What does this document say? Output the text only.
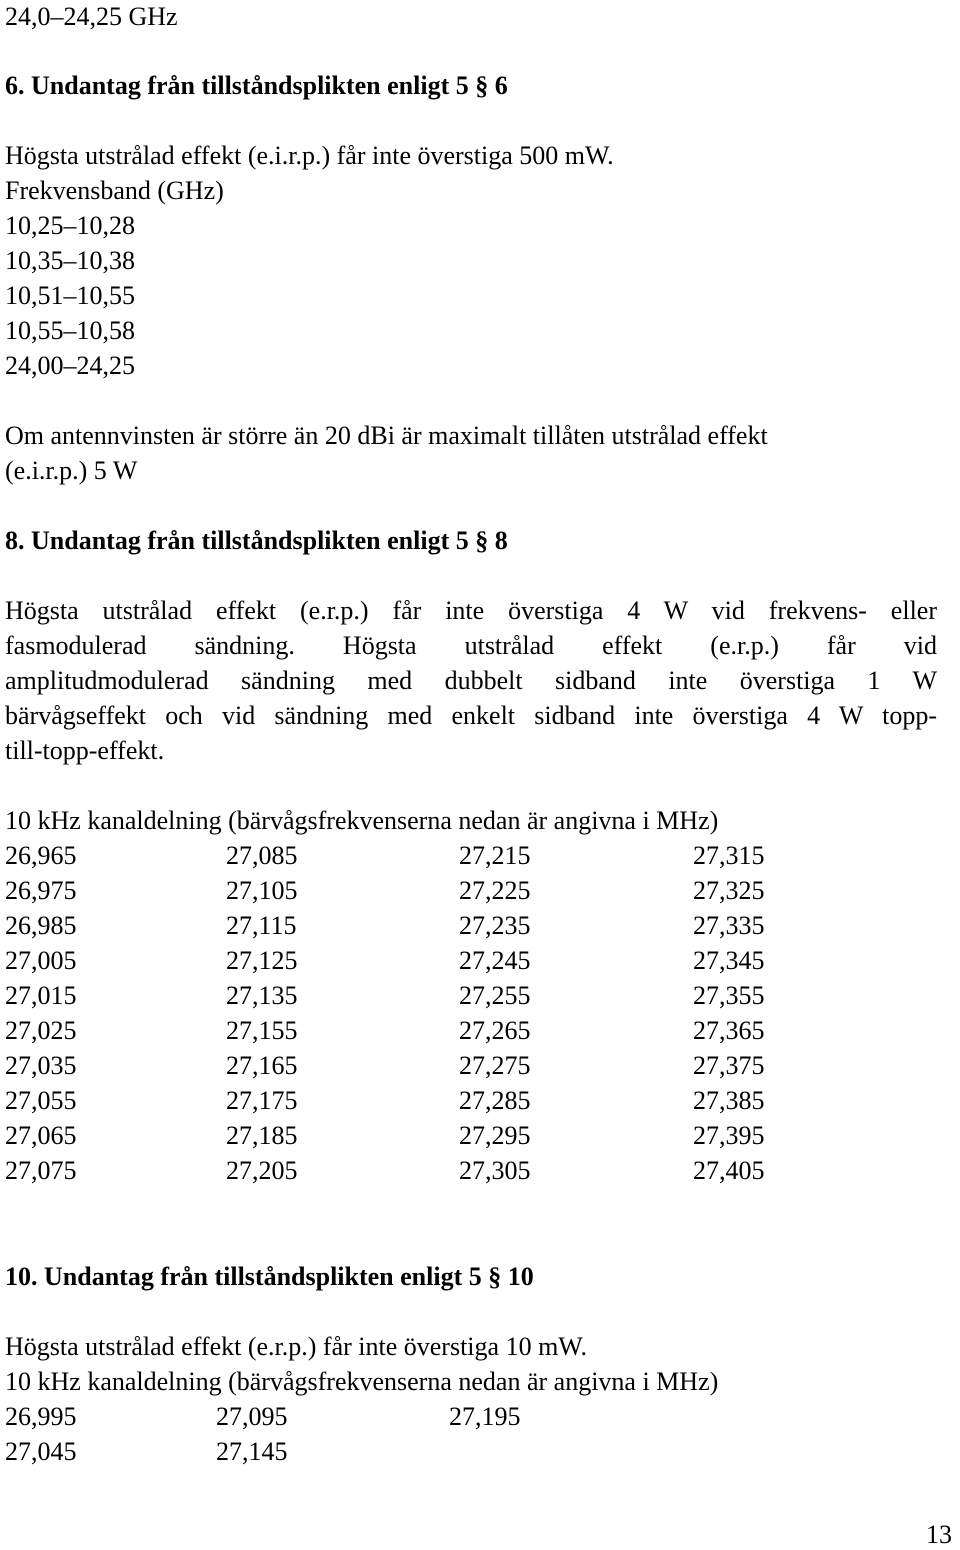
24,0–24,25 GHz
6. Undantag från tillståndsplikten enligt 5 § 6
Högsta utstrålad effekt (e.i.r.p.) får inte överstiga 500 mW.
Frekvensband (GHz)
10,25–10,28
10,35–10,38
10,51–10,55
10,55–10,58
24,00–24,25
Om antennvinsten är större än 20 dBi är maximalt tillåten utstrålad effekt
(e.i.r.p.) 5 W
8. Undantag från tillståndsplikten enligt 5 § 8
Högsta utstrålad effekt (e.r.p.) får inte överstiga 4 W vid frekvens- eller
fasmodulerad sändning. Högsta utstrålad effekt (e.r.p.) får vid
amplitudmodulerad sändning med dubbelt sidband inte överstiga 1 W
bärvågseffekt och vid sändning med enkelt sidband inte överstiga 4 W topp-
till-topp-effekt.
10 kHz kanaldelning (bärvågsfrekvenserna nedan är angivna i MHz)
26,965	27,085	27,215	27,315
26,975	27,105	27,225	27,325
26,985	27,115	27,235	27,335
27,005	27,125	27,245	27,345
27,015	27,135	27,255	27,355
27,025	27,155	27,265	27,365
27,035	27,165	27,275	27,375
27,055	27,175	27,285	27,385
27,065	27,185	27,295	27,395
27,075	27,205	27,305	27,405
10. Undantag från tillståndsplikten enligt 5 § 10
Högsta utstrålad effekt (e.r.p.) får inte överstiga 10 mW.
10 kHz kanaldelning (bärvågsfrekvenserna nedan är angivna i MHz)
26,995	27,095	27,195
27,045	27,145
13
